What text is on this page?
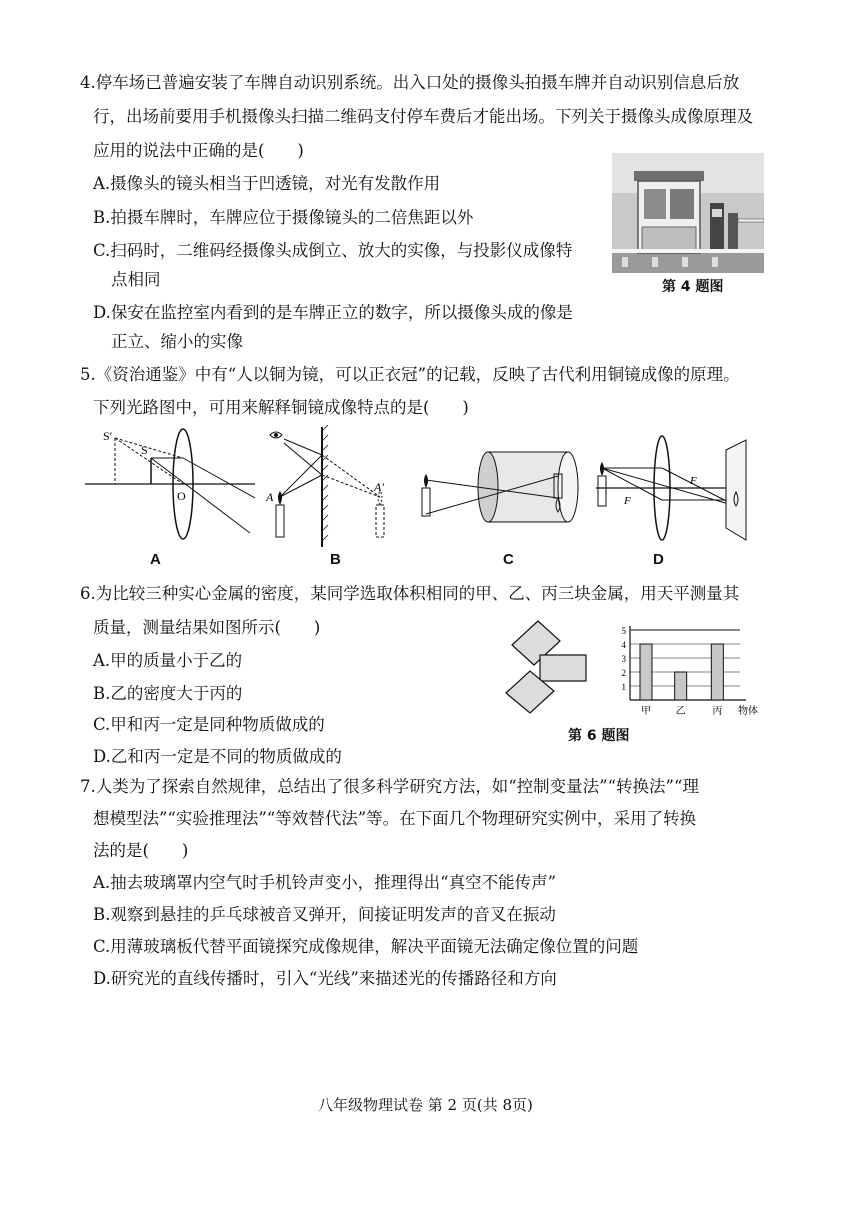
4.停车场已普遍安装了车牌自动识别系统。出入口处的摄像头拍摄车牌并自动识别信息后放
行，出场前要用手机摄像头扫描二维码支付停车费后才能出场。下列关于摄像头成像原理及
应用的说法中正确的是(　　)
A.摄像头的镜头相当于凹透镜，对光有发散作用
B.拍摄车牌时，车牌应位于摄像镜头的二倍焦距以外
C.扫码时，二维码经摄像头成倒立、放大的实像，与投影仪成像特
点相同
D.保安在监控室内看到的是车牌正立的数字，所以摄像头成的像是
正立、缩小的实像
第 4 题图
5.《资治通鉴》中有“人以铜为镜，可以正衣冠”的记载，反映了古代利用铜镜成像的原理。
下列光路图中，可用来解释铜镜成像特点的是(　　)
S′
S
O	A
A′
F
F
A	B	C	D
6.为比较三种实心金属的密度，某同学选取体积相同的甲、乙、丙三块金属，用天平测量其
质量，测量结果如图所示(　　)
A.甲的质量小于乙的
B.乙的密度大于丙的
C.甲和丙一定是同种物质做成的
D.乙和丙一定是不同的物质做成的
1
2
3
4
5
甲 乙	丙 物体
第 6 题图
7.人类为了探索自然规律，总结出了很多科学研究方法，如“控制变量法”“转换法”“理
想模型法”“实验推理法”“等效替代法”等。在下面几个物理研究实例中，采用了转换
法的是(　　)
A.抽去玻璃罩内空气时手机铃声变小，推理得出“真空不能传声”
B.观察到悬挂的乒乓球被音叉弹开，间接证明发声的音叉在振动
C.用薄玻璃板代替平面镜探究成像规律，解决平面镜无法确定像位置的问题
D.研究光的直线传播时，引入“光线”来描述光的传播路径和方向
八年级物理试卷 第 2 页(共 8页)
